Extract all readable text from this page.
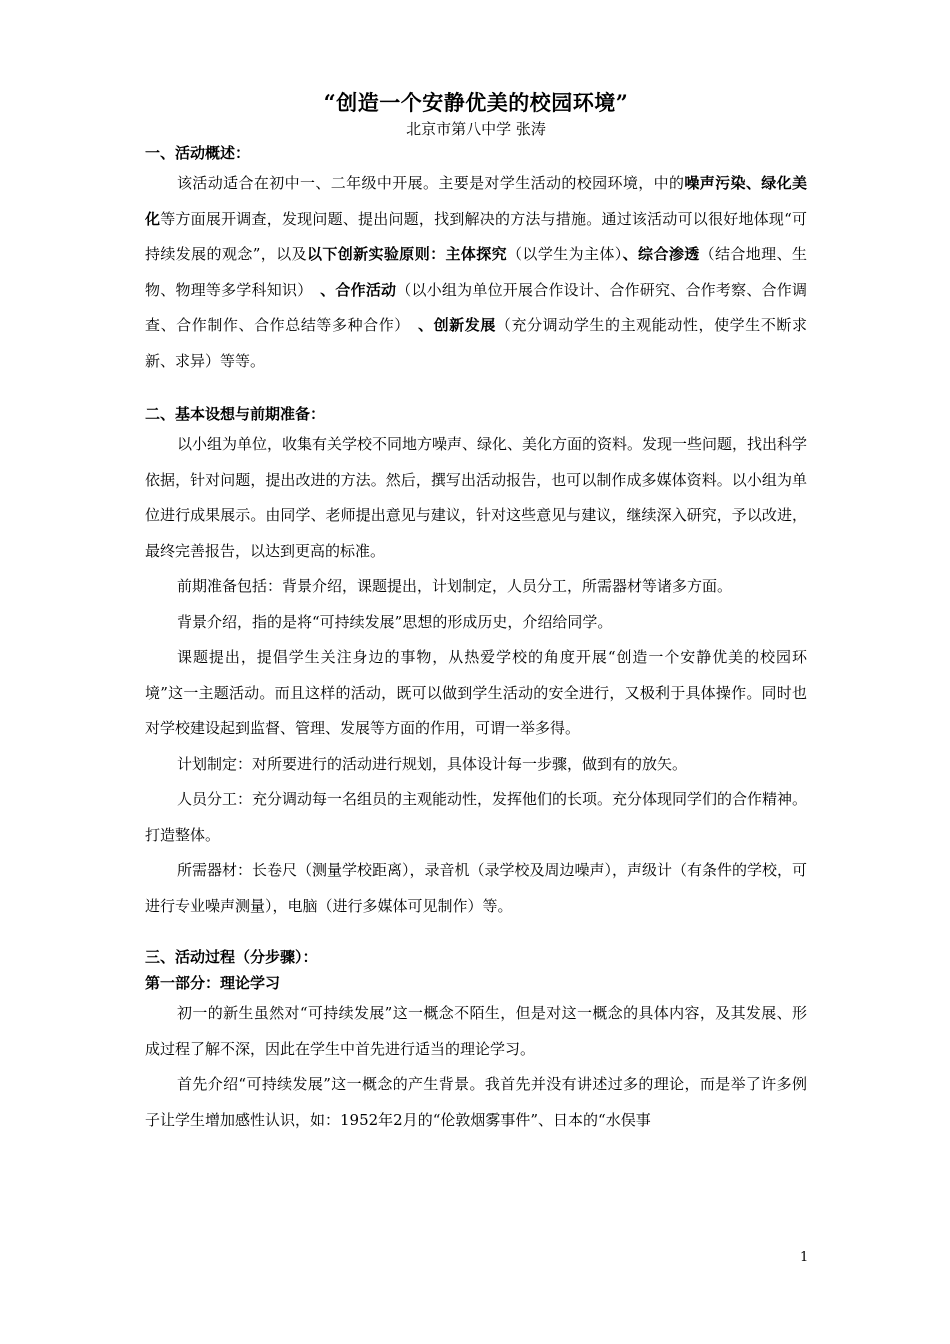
“创造一个安静优美的校园环境”
北京市第八中学 张涛
一、活动概述：
该活动适合在初中一、二年级中开展。主要是对学生活动的校园环境，中的噪声污染、绿化美化等方面展开调查，发现问题、提出问题，找到解决的方法与措施。通过该活动可以很好地体现“可持续发展的观念”，以及以下创新实验原则：主体探究（以学生为主体）、综合渗透（结合地理、生物、物理等多学科知识）　 、合作活动（以小组为单位开展合作设计、合作研究、合作考察、合作调查、合作制作、合作总结等多种合作）　 、创新发展（充分调动学生的主观能动性，使学生不断求新、求异）等等。
二、基本设想与前期准备：
以小组为单位，收集有关学校不同地方噪声、绿化、美化方面的资料。发现一些问题，找出科学依据，针对问题，提出改进的方法。然后，撰写出活动报告，也可以制作成多媒体资料。以小组为单位进行成果展示。由同学、老师提出意见与建议，针对这些意见与建议，继续深入研究，予以改进，最终完善报告，以达到更高的标准。
前期准备包括：背景介绍，课题提出，计划制定，人员分工，所需器材等诸多方面。
背景介绍，指的是将“可持续发展”思想的形成历史，介绍给同学。
课题提出，提倡学生关注身边的事物，从热爱学校的角度开展“创造一个安静优美的校园环境”这一主题活动。而且这样的活动，既可以做到学生活动的安全进行，又极利于具体操作。同时也对学校建设起到监督、管理、发展等方面的作用，可谓一举多得。
计划制定：对所要进行的活动进行规划，具体设计每一步骤，做到有的放矢。
人员分工：充分调动每一名组员的主观能动性，发挥他们的长项。充分体现同学们的合作精神。打造整体。
所需器材：长卷尺（测量学校距离），录音机（录学校及周边噪声），声级计（有条件的学校，可进行专业噪声测量），电脑（进行多媒体可见制作）等。
三、活动过程（分步骤）：
第一部分：理论学习
初一的新生虽然对“可持续发展”这一概念不陌生，但是对这一概念的具体内容，及其发展、形成过程了解不深，因此在学生中首先进行适当的理论学习。
首先介绍“可持续发展”这一概念的产生背景。我首先并没有讲述过多的理论，而是举了许多例子让学生增加感性认识，如：1952年2月的“伦敦烟雾事件”、日本的“水俣事
1
